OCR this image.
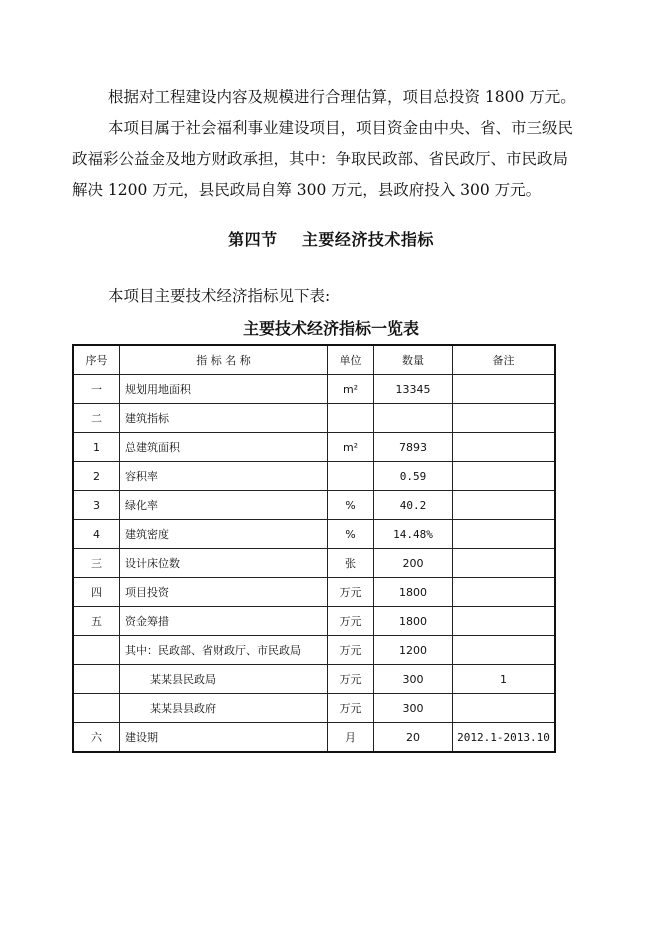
根据对工程建设内容及规模进行合理估算，项目总投资 1800 万元。

本项目属于社会福利事业建设项目，项目资金由中央、省、市三级民
政福彩公益金及地方财政承担，其中：争取民政部、省民政厅、市民政局
解决 1200 万元，县民政局自筹 300 万元，县政府投入 300 万元。

第四节    主要经济技术指标
本项目主要技术经济指标见下表:
主要技术经济指标一览表
序号	指 标 名 称	单位	数量	备注
一	规划用地面积	m²	13345	
二	建筑指标			
1	总建筑面积	m²	7893	
2	容积率		0.59	
3	绿化率	%	40.2	
4	建筑密度	%	14.48%	
三	设计床位数	张	200	
四	项目投资	万元	1800	
五	资金筹措	万元	1800	
	其中：民政部、省财政厅、市民政局	万元	1200	
	某某县民政局	万元	300	1
	某某县县政府	万元	300	
六	建设期	月	20	2012.1-2013.10
